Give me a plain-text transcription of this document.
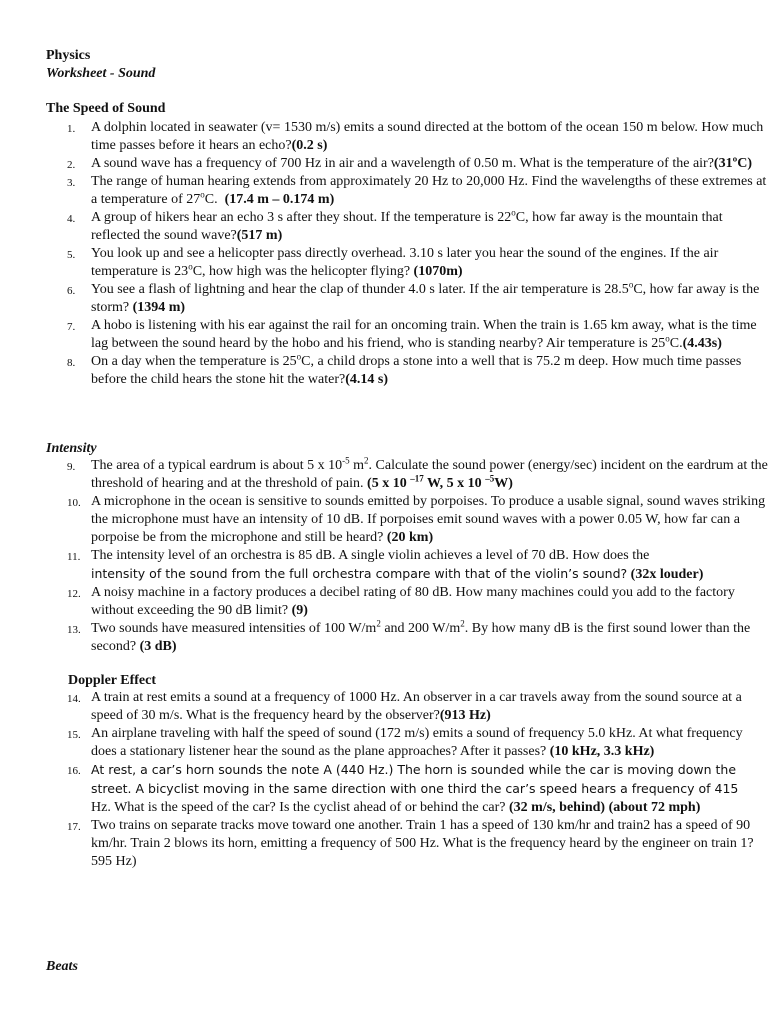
Physics
Worksheet - Sound
The Speed of Sound
1. A dolphin located in seawater (v= 1530 m/s) emits a sound directed at the bottom of the ocean 150 m below. How much time passes before it hears an echo?(0.2 s)
2. A sound wave has a frequency of 700 Hz in air and a wavelength of 0.50 m. What is the temperature of the air?(31ºC)
3. The range of human hearing extends from approximately 20 Hz to 20,000 Hz. Find the wavelengths of these extremes at a temperature of 27$^o$C. (17.4 m – 0.174 m)
4. A group of hikers hear an echo 3 s after they shout. If the temperature is 22$^o$C, how far away is the mountain that reflected the sound wave?(517 m)
5. You look up and see a helicopter pass directly overhead. 3.10 s later you hear the sound of the engines. If the air temperature is 23$^o$C, how high was the helicopter flying? (1070m)
6. You see a flash of lightning and hear the clap of thunder 4.0 s later. If the air temperature is 28.5$^o$C, how far away is the storm? (1394 m)
7. A hobo is listening with his ear against the rail for an oncoming train. When the train is 1.65 km away, what is the time lag between the sound heard by the hobo and his friend, who is standing nearby? Air temperature is 25$^o$C.(4.43s)
8. On a day when the temperature is 25$^o$C, a child drops a stone into a well that is 75.2 m deep. How much time passes before the child hears the stone hit the water?(4.14 s)
Intensity
9. The area of a typical eardrum is about 5 x $10^{-5}$ $m^2$. Calculate the sound power (energy/sec) incident on the eardrum at the threshold of hearing and at the threshold of pain. (5 x 10 $^{-17}$ W, 5 x 10 $^{-5}$W)
10. A microphone in the ocean is sensitive to sounds emitted by porpoises. To produce a usable signal, sound waves striking the microphone must have an intensity of 10 dB. If porpoises emit sound waves with a power 0.05 W, how far can a porpoise be from the microphone and still be heard? (20 km)
11. The intensity level of an orchestra is 85 dB. A single violin achieves a level of 70 dB. How does the
intensity of the sound from the full orchestra compare with that of the violin’s sound? (32x louder)
12. A noisy machine in a factory produces a decibel rating of 80 dB. How many machines could you add to the factory without exceeding the 90 dB limit? (9)
13. Two sounds have measured intensities of 100 $W/m^2$ and 200 $W/m^2$. By how many dB is the first sound lower than the second? (3 dB)
Doppler Effect
14. A train at rest emits a sound at a frequency of 1000 Hz. An observer in a car travels away from the sound source at a speed of 30 m/s. What is the frequency heard by the observer?(913 Hz)
15. An airplane traveling with half the speed of sound (172 m/s) emits a sound of frequency 5.0 kHz. At what frequency does a stationary listener hear the sound as the plane approaches? After it passes? (10 kHz, 3.3 kHz)
16. At rest, a car’s horn sounds the note A (440 Hz.) The horn is sounded while the car is moving down the street. A bicyclist moving in the same direction with one third the car’s speed hears a frequency of 415
Hz. What is the speed of the car? Is the cyclist ahead of or behind the car? (32 m/s, behind) (about 72 mph)
17. Two trains on separate tracks move toward one another. Train 1 has a speed of 130 km/hr and train2 has a speed of 90 km/hr. Train 2 blows its horn, emitting a frequency of 500 Hz. What is the frequency heard by the engineer on train 1? 595 Hz)
Beats
